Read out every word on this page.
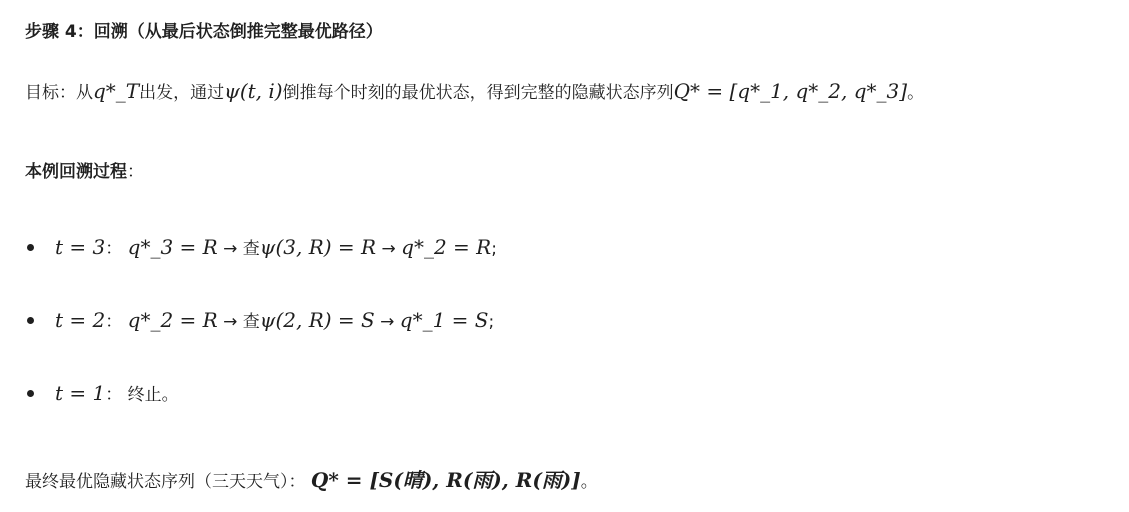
步骤 4：回溯（从最后状态倒推完整最优路径）
目标：从q*_T出发，通过ψ(t, i)倒推每个时刻的最优状态，得到完整的隐藏状态序列Q* = [q*_1, q*_2, q*_3]。
本例回溯过程：
t = 3： q*_3 = R → 查ψ(3, R) = R → q*_2 = R;
t = 2： q*_2 = R → 查ψ(2, R) = S → q*_1 = S;
t = 1： 终止。
最终最优隐藏状态序列（三天天气）： Q* = [S(晴), R(雨), R(雨)]。
